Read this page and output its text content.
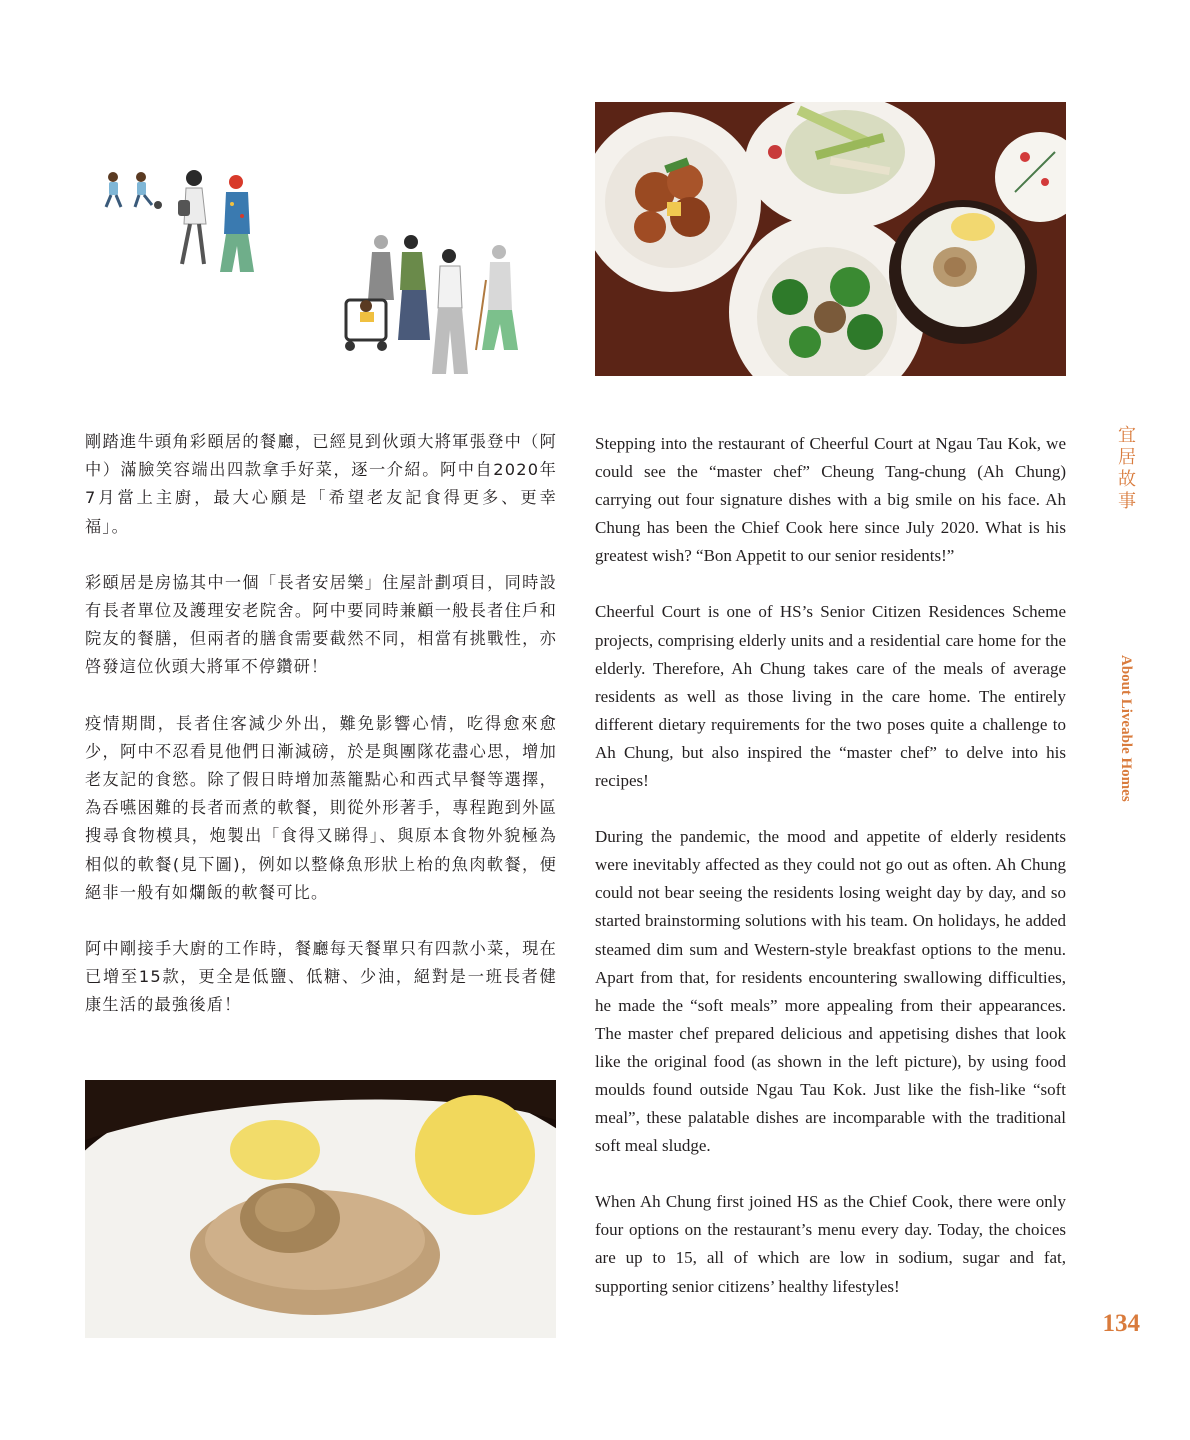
剛踏進牛頭角彩頤居的餐廳，已經見到伙頭大將軍張登中（阿中）滿臉笑容端出四款拿手好菜，逐一介紹。阿中自2020年7月當上主廚，最大心願是「希望老友記食得更多、更幸福」。

彩頤居是房協其中一個「長者安居樂」住屋計劃項目，同時設有長者單位及護理安老院舍。阿中要同時兼顧一般長者住戶和院友的餐膳，但兩者的膳食需要截然不同，相當有挑戰性，亦啓發這位伙頭大將軍不停鑽研！

疫情期間，長者住客減少外出，難免影響心情，吃得愈來愈少，阿中不忍看見他們日漸減磅，於是與團隊花盡心思，增加老友記的食慾。除了假日時增加蒸籠點心和西式早餐等選擇，為吞嚥困難的長者而煮的軟餐，則從外形著手，專程跑到外區搜尋食物模具，炮製出「食得又睇得」、與原本食物外貌極為相似的軟餐(見下圖)，例如以整條魚形狀上枱的魚肉軟餐，便絕非一般有如爛飯的軟餐可比。

阿中剛接手大廚的工作時，餐廳每天餐單只有四款小菜，現在已增至15款，更全是低鹽、低糖、少油，絕對是一班長者健康生活的最強後盾！

Stepping into the restaurant of Cheerful Court at Ngau Tau Kok, we could see the “master chef” Cheung Tang-chung (Ah Chung) carrying out four signature dishes with a big smile on his face. Ah Chung has been the Chief Cook here since July 2020. What is his greatest wish? “Bon Appetit to our senior residents!”

Cheerful Court is one of HS’s Senior Citizen Residences Scheme projects, comprising elderly units and a residential care home for the elderly. Therefore, Ah Chung takes care of the meals of average residents as well as those living in the care home. The entirely different dietary requirements for the two poses quite a challenge to Ah Chung, but also inspired the “master chef” to delve into his recipes!

During the pandemic, the mood and appetite of elderly residents were inevitably affected as they could not go out as often. Ah Chung could not bear seeing the residents losing weight day by day, and so started brainstorming solutions with his team. On holidays, he added steamed dim sum and Western-style breakfast options to the menu. Apart from that, for residents encountering swallowing difficulties, he made the “soft meals” more appealing from their appearances. The master chef prepared delicious and appetising dishes that look like the original food (as shown in the left picture), by using food moulds found outside Ngau Tau Kok. Just like the fish-like “soft meal”, these palatable dishes are incomparable with the traditional soft meal sludge.

When Ah Chung first joined HS as the Chief Cook, there were only four options on the restaurant’s menu every day. Today, the choices are up to 15, all of which are low in sodium, sugar and fat, supporting senior citizens’ healthy lifestyles!

宜居故事
About Liveable Homes
134
